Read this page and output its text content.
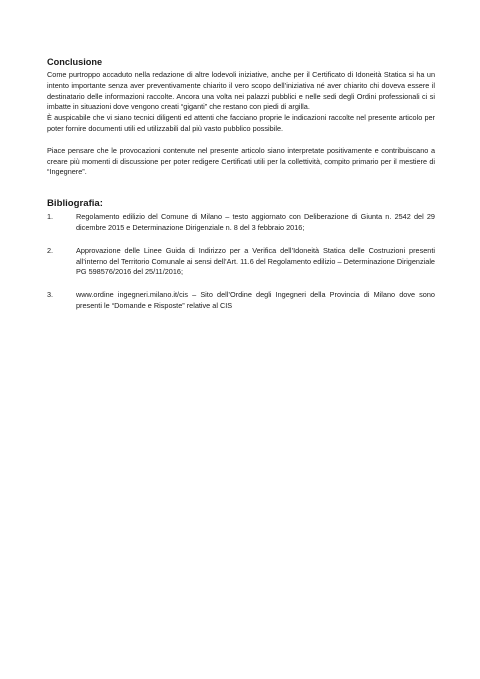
Conclusione

Come purtroppo accaduto nella redazione di altre lodevoli iniziative, anche per il Certificato di Idoneità Statica si ha un intento importante senza aver preventivamente chiarito il vero scopo dell’iniziativa né aver chiarito chi doveva essere il destinatario delle informazioni raccolte. Ancora una volta nei palazzi pubblici e nelle sedi degli Ordini professionali ci si imbatte in situazioni dove vengono creati “giganti” che restano con piedi di argilla.

È auspicabile che vi siano tecnici diligenti ed attenti che facciano proprie le indicazioni raccolte nel presente articolo per poter fornire documenti utili ed utilizzabili dal più vasto pubblico possibile.

Piace pensare che le provocazioni contenute nel presente articolo siano interpretate positivamente e contribuiscano a creare più momenti di discussione per poter redigere Certificati utili per la collettività, compito primario per il mestiere di “Ingegnere”.

Bibliografia:
1.	Regolamento edilizio del Comune di Milano – testo aggiornato con Deliberazione di Giunta n. 2542 del 29 dicembre 2015 e Determinazione Dirigenziale n. 8 del 3 febbraio 2016;
2.	Approvazione delle Linee Guida di Indirizzo per a Verifica dell’Idoneità Statica delle Costruzioni presenti all’interno del Territorio Comunale ai sensi dell’Art. 11.6 del Regolamento edilizio – Determinazione Dirigenziale PG 598576/2016 del 25/11/2016;
3.	www.ordine ingegneri.milano.it/cis – Sito dell’Ordine degli Ingegneri della Provincia di Milano dove sono presenti le “Domande e Risposte” relative al CIS
